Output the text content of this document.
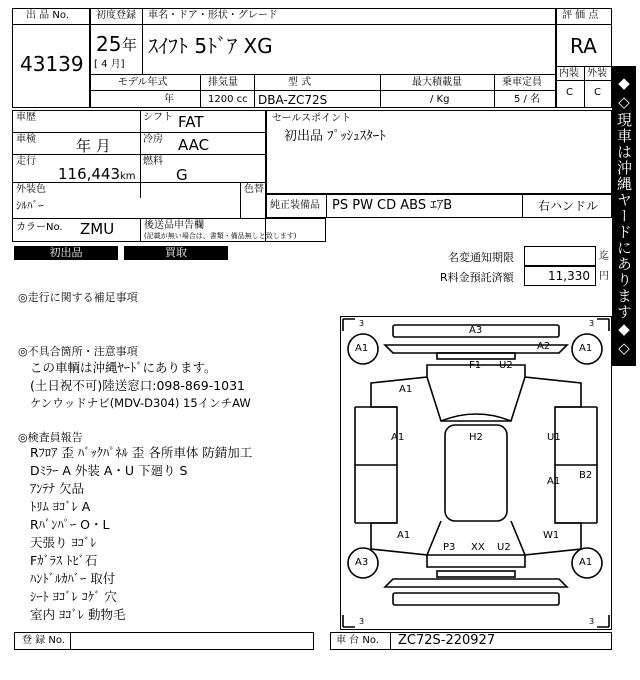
出 品 No.
43139
初度登録 車名・ドア・形状・グレード
25 年
[ 4 月]
ｽｲﾌﾄ 5ﾄﾞｱ XG
モデル年式	排気量	型 式	最大積載量	乗車定員
年	1200 cc DBA-ZC72S	/ Kg	5 / 名
評 価 点
RA
内装 外装
C C
車歴	シフト FAT
車検	年 月	冷房 AAC
走行
116,443 km
燃料
G
外装色
ｼﾙﾊﾞｰ
色替
カラーNo. ZMU	後送品申告欄
(記載が無い場合は、書類・備品無しと致します)
セールスポイント
初出品 ﾌﾟｯｼｭｽﾀｰﾄ
純正装備品 PS PW CD ABS ｴｱB	右ハンドル
初出品	買取	名変通知期限	迄
R料金預託済額	11,330 円
◎走行に関する補足事項
◎不具合箇所・注意事項
この車輌は沖縄ﾔｰﾄﾞにあります。
(土日祝不可)陸送窓口:098-869-1031
ケンウッドナビ(MDV-D304) 15インチAW
◎検査員報告
Rﾌﾛｱ 歪 ﾊﾞｯｸﾊﾟﾈﾙ 歪 各所車体 防錆加工
Dﾐﾗｰ A 外装 A・U 下廻り S
ｱﾝﾃﾅ 欠品
ﾄﾘﾑ ﾖｺﾞﾚ A
Rﾊﾞﾝﾊﾟｰ O・L
天張り ﾖｺﾞﾚ
Fｶﾞﾗｽ ﾄﾋﾞ石
ﾊﾝﾄﾞﾙｶﾊﾞｰ 取付
ｼｰﾄ ﾖｺﾞﾚ ｺｹﾞ 穴
室内 ﾖｺﾞﾚ 動物毛
A3
A2
A1	A1
F1 U2
A1
A1	H2	U1
A1
B2
A1	W1
P3 XX U2
A3	A1
3	3
3	3
◆◇現車は沖縄ヤードにあります◆◇
登 録 No.	車 台 No. ZC72S-220927
